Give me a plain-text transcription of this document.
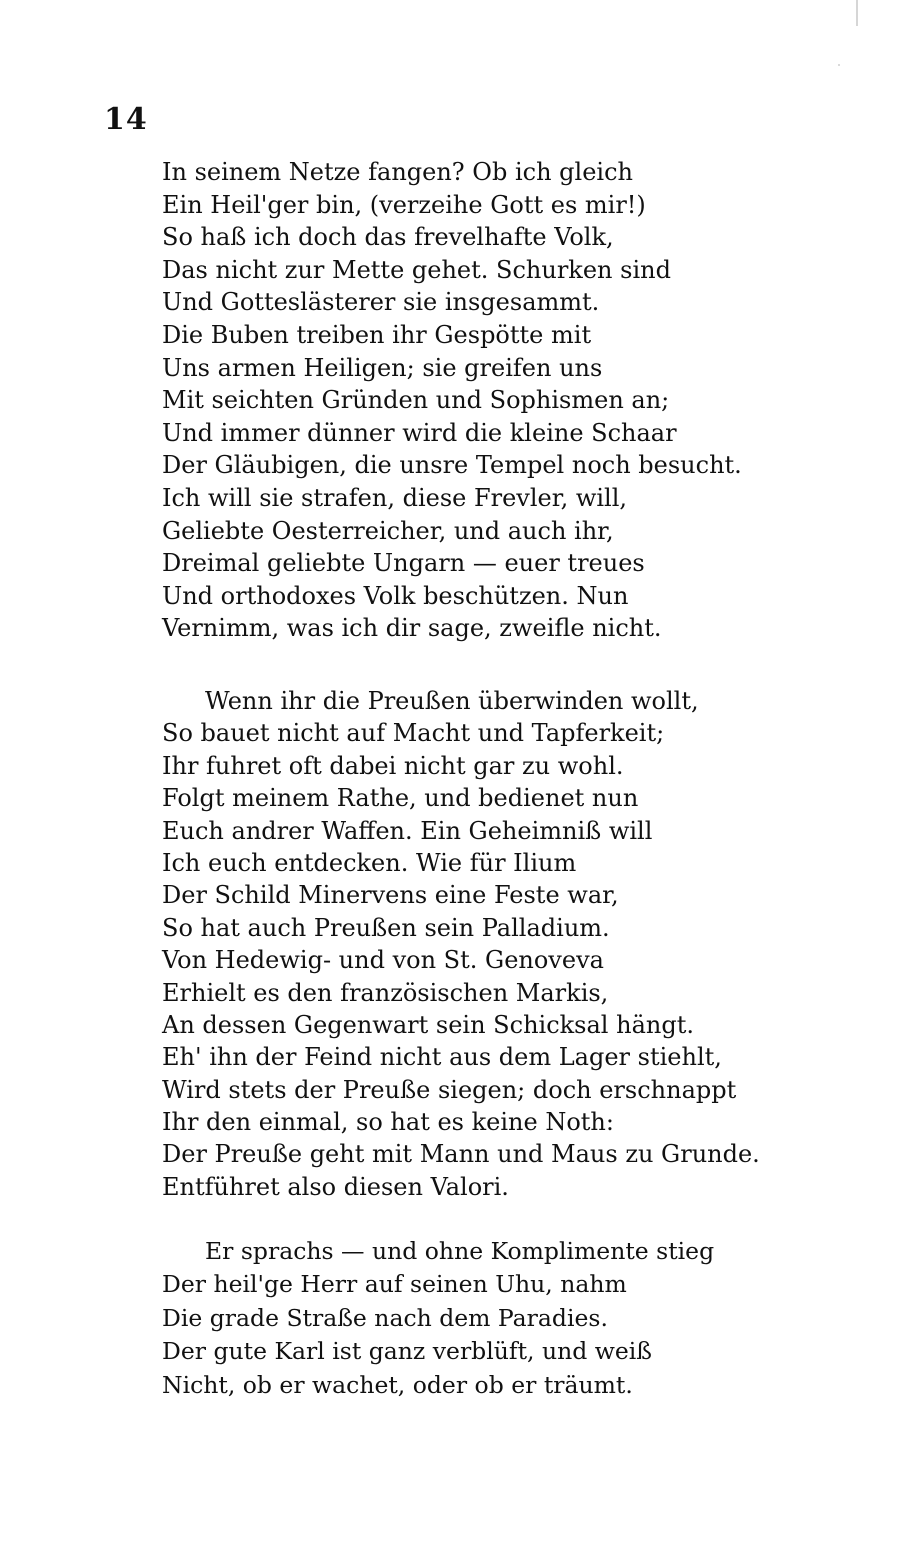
14
In seinem Netze fangen? Ob ich gleich
Ein Heil'ger bin, (verzeihe Gott es mir!)
So haß ich doch das frevelhafte Volk,
Das nicht zur Mette gehet. Schurken sind
Und Gotteslästerer sie insgesammt.
Die Buben treiben ihr Gespötte mit
Uns armen Heiligen; sie greifen uns
Mit seichten Gründen und Sophismen an;
Und immer dünner wird die kleine Schaar
Der Gläubigen, die unsre Tempel noch besucht.
Ich will sie strafen, diese Frevler, will,
Geliebte Oesterreicher, und auch ihr,
Dreimal geliebte Ungarn — euer treues
Und orthodoxes Volk beschützen. Nun
Vernimm, was ich dir sage, zweifle nicht.
Wenn ihr die Preußen überwinden wollt,
So bauet nicht auf Macht und Tapferkeit;
Ihr fuhret oft dabei nicht gar zu wohl.
Folgt meinem Rathe, und bedienet nun
Euch andrer Waffen. Ein Geheimniß will
Ich euch entdecken. Wie für Ilium
Der Schild Minervens eine Feste war,
So hat auch Preußen sein Palladium.
Von Hedewig- und von St. Genoveva
Erhielt es den französischen Markis,
An dessen Gegenwart sein Schicksal hängt.
Eh' ihn der Feind nicht aus dem Lager stiehlt,
Wird stets der Preuße siegen; doch erschnappt
Ihr den einmal, so hat es keine Noth:
Der Preuße geht mit Mann und Maus zu Grunde.
Entführet also diesen Valori.
Er sprachs — und ohne Komplimente stieg
Der heil'ge Herr auf seinen Uhu, nahm
Die grade Straße nach dem Paradies.
Der gute Karl ist ganz verblüft, und weiß
Nicht, ob er wachet, oder ob er träumt.
